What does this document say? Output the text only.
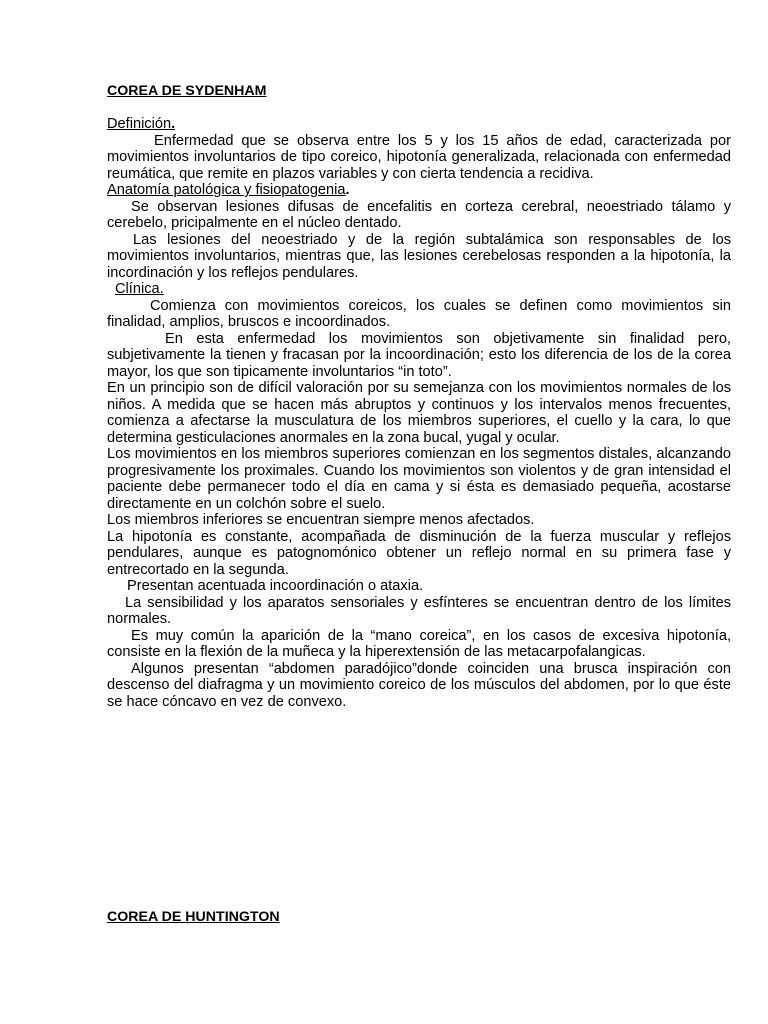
COREA DE SYDENHAM
Definición.

Enfermedad que se observa entre los 5 y los 15 años de edad, caracterizada por movimientos involuntarios de tipo coreico, hipotonía generalizada, relacionada con enfermedad reumática, que remite en plazos variables y con cierta tendencia a recidiva.

Anatomía patológica y fisiopatogenia.

Se observan lesiones difusas de encefalitis en corteza cerebral, neoestriado tálamo y cerebelo, pricipalmente en el núcleo dentado.

Las lesiones del neoestriado y de la región subtalámica son responsables de los movimientos involuntarios, mientras que, las lesiones cerebelosas responden a la hipotonía, la incordinación y los reflejos pendulares.

Clínica.

Comienza con movimientos coreicos, los cuales se definen como movimientos sin finalidad, amplios, bruscos e incoordinados.

En esta enfermedad los movimientos son objetivamente sin finalidad pero, subjetivamente la tienen y fracasan por la incoordinación; esto los diferencia de los de la corea mayor, los que son tipicamente involuntarios “in toto”.

En un principio son de difícil valoración por su semejanza con los movimientos normales de los niños. A medida que se hacen más abruptos y continuos y los intervalos menos frecuentes, comienza a afectarse la musculatura de los miembros superiores, el cuello y la cara, lo que determina gesticulaciones anormales en la zona bucal, yugal y ocular.

Los movimientos en los miembros superiores comienzan en los segmentos distales, alcanzando progresivamente los proximales. Cuando los movimientos son violentos y de gran intensidad el paciente debe permanecer todo el día en cama y si ésta es demasiado pequeña, acostarse directamente en un colchón sobre el suelo.

Los miembros inferiores se encuentran siempre menos afectados.

La hipotonía es constante, acompañada de disminución de la fuerza muscular y reflejos pendulares, aunque es patognomónico obtener un reflejo normal en su primera fase y entrecortado en la segunda.

Presentan acentuada incoordinación o ataxia.

La sensibilidad y los aparatos sensoriales y esfínteres se encuentran dentro de los límites normales.

Es muy común la aparición de la “mano coreica”, en los casos de excesiva hipotonía, consiste en la flexión de la muñeca y la hiperextensión de las metacarpofalangicas.

Algunos presentan “abdomen paradójico”donde coinciden una brusca inspiración con descenso del diafragma y un movimiento coreico de los músculos del abdomen, por lo que éste se hace cóncavo en vez de convexo.

COREA DE HUNTINGTON
